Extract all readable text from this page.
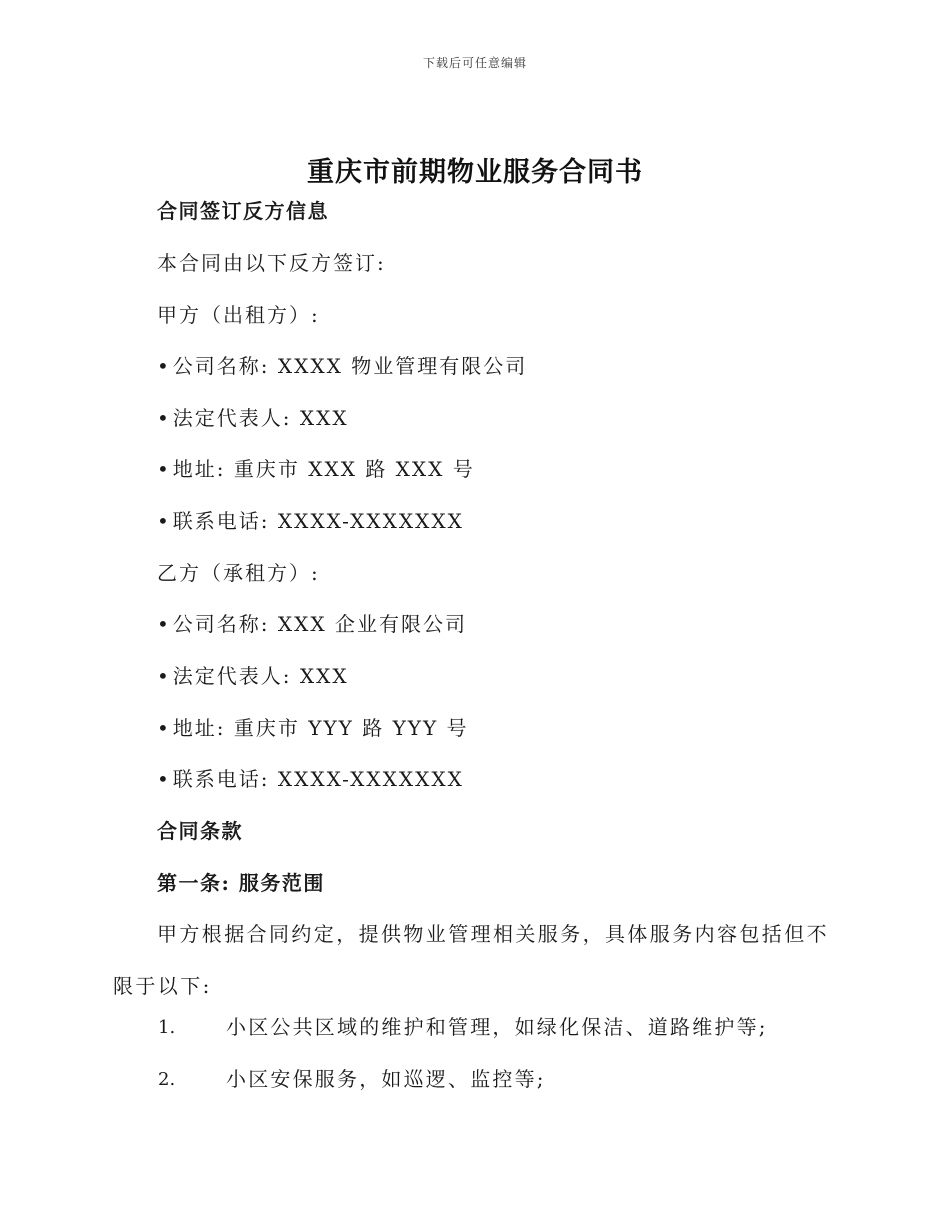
下载后可任意编辑
重庆市前期物业服务合同书
合同签订反方信息
本合同由以下反方签订:
甲方（出租方）:
• 公司名称: XXXX 物业管理有限公司
• 法定代表人: XXX
• 地址: 重庆市 XXX 路 XXX 号
• 联系电话: XXXX-XXXXXXX
乙方（承租方）:
• 公司名称: XXX 企业有限公司
• 法定代表人: XXX
• 地址: 重庆市 YYY 路 YYY 号
• 联系电话: XXXX-XXXXXXX
合同条款
第一条: 服务范围
甲方根据合同约定，提供物业管理相关服务，具体服务内容包括但不限于以下:
1.	小区公共区域的维护和管理，如绿化保洁、道路维护等;
2.	小区安保服务，如巡逻、监控等;
